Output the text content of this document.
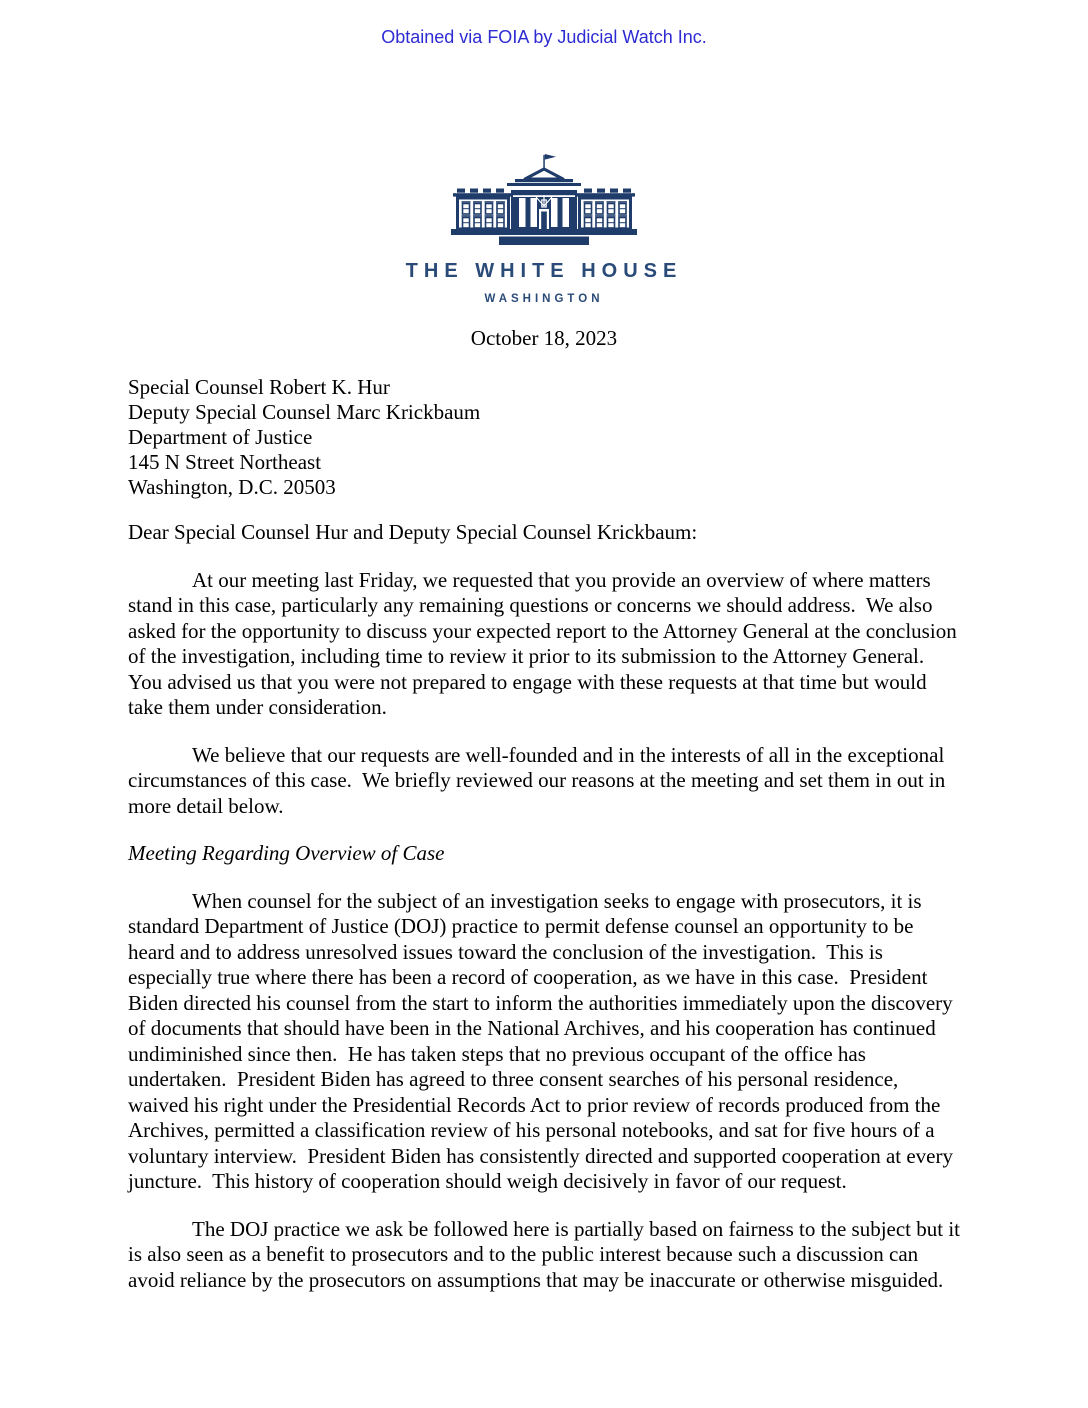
Obtained via FOIA by Judicial Watch Inc.
THE WHITE HOUSE
WASHINGTON
October 18, 2023
Special Counsel Robert K. Hur
Deputy Special Counsel Marc Krickbaum
Department of Justice
145 N Street Northeast
Washington, D.C. 20503
Dear Special Counsel Hur and Deputy Special Counsel Krickbaum:

At our meeting last Friday, we requested that you provide an overview of where matters stand in this case, particularly any remaining questions or concerns we should address.  We also asked for the opportunity to discuss your expected report to the Attorney General at the conclusion of the investigation, including time to review it prior to its submission to the Attorney General.  You advised us that you were not prepared to engage with these requests at that time but would take them under consideration.

We believe that our requests are well-founded and in the interests of all in the exceptional circumstances of this case.  We briefly reviewed our reasons at the meeting and set them in out in more detail below.

Meeting Regarding Overview of Case

When counsel for the subject of an investigation seeks to engage with prosecutors, it is standard Department of Justice (DOJ) practice to permit defense counsel an opportunity to be heard and to address unresolved issues toward the conclusion of the investigation.  This is especially true where there has been a record of cooperation, as we have in this case.  President Biden directed his counsel from the start to inform the authorities immediately upon the discovery of documents that should have been in the National Archives, and his cooperation has continued undiminished since then.  He has taken steps that no previous occupant of the office has undertaken.  President Biden has agreed to three consent searches of his personal residence, waived his right under the Presidential Records Act to prior review of records produced from the Archives, permitted a classification review of his personal notebooks, and sat for five hours of a voluntary interview.  President Biden has consistently directed and supported cooperation at every juncture.  This history of cooperation should weigh decisively in favor of our request.

The DOJ practice we ask be followed here is partially based on fairness to the subject but it is also seen as a benefit to prosecutors and to the public interest because such a discussion can avoid reliance by the prosecutors on assumptions that may be inaccurate or otherwise misguided.
